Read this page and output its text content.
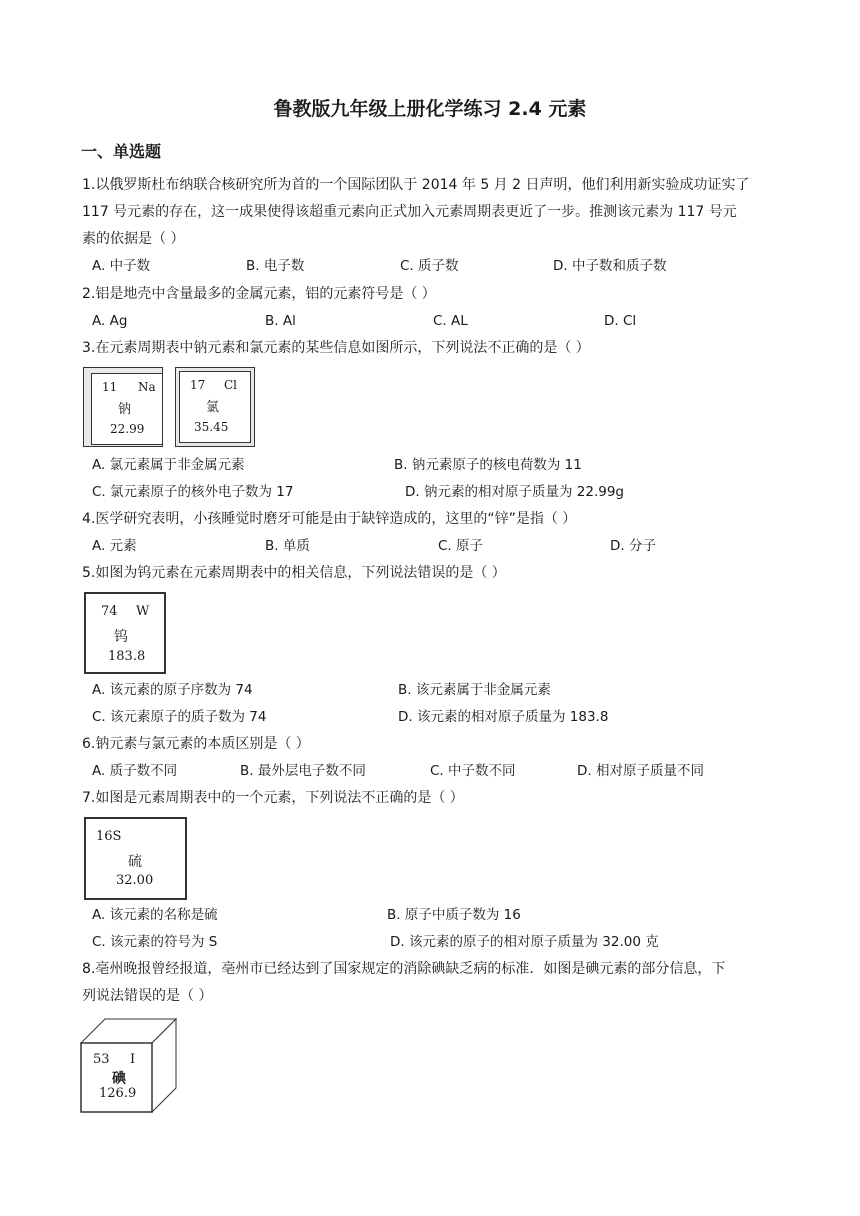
鲁教版九年级上册化学练习 2.4 元素
一、单选题
1.以俄罗斯杜布纳联合核研究所为首的一个国际团队于 2014 年 5 月 2 日声明，他们利用新实验成功证实了
117 号元素的存在，这一成果使得该超重元素向正式加入元素周期表更近了一步。推测该元素为 117 号元
素的依据是（ ）
A. 中子数	B. 电子数	C. 质子数	D. 中子数和质子数
2.铝是地壳中含量最多的金属元素，铝的元素符号是（ ）
A. Ag	B. Al	C. AL	D. Cl
3.在元素周期表中钠元素和氯元素的某些信息如图所示，下列说法不正确的是（ ）
11 Na
钠
22.99
17 Cl
氯
35.45
A. 氯元素属于非金属元素	B. 钠元素原子的核电荷数为 11
C. 氯元素原子的核外电子数为 17	D. 钠元素的相对原子质量为 22.99g
4.医学研究表明，小孩睡觉时磨牙可能是由于缺锌造成的，这里的“锌”是指（ ）
A. 元素	B. 单质	C. 原子	D. 分子
5.如图为钨元素在元素周期表中的相关信息，下列说法错误的是（ ）
74 W
钨
183.8
A. 该元素的原子序数为 74	B. 该元素属于非金属元素
C. 该元素原子的质子数为 74	D. 该元素的相对原子质量为 183.8
6.钠元素与氯元素的本质区别是（ ）
A. 质子数不同	B. 最外层电子数不同	C. 中子数不同	D. 相对原子质量不同
7.如图是元素周期表中的一个元素，下列说法不正确的是（ ）
16S
硫
32.00
A. 该元素的名称是硫	B. 原子中质子数为 16
C. 该元素的符号为 S	D. 该元素的原子的相对原子质量为 32.00 克
8.亳州晚报曾经报道，亳州市已经达到了国家规定的消除碘缺乏病的标准．如图是碘元素的部分信息，下
列说法错误的是（ ）
53 I
碘
126.9
